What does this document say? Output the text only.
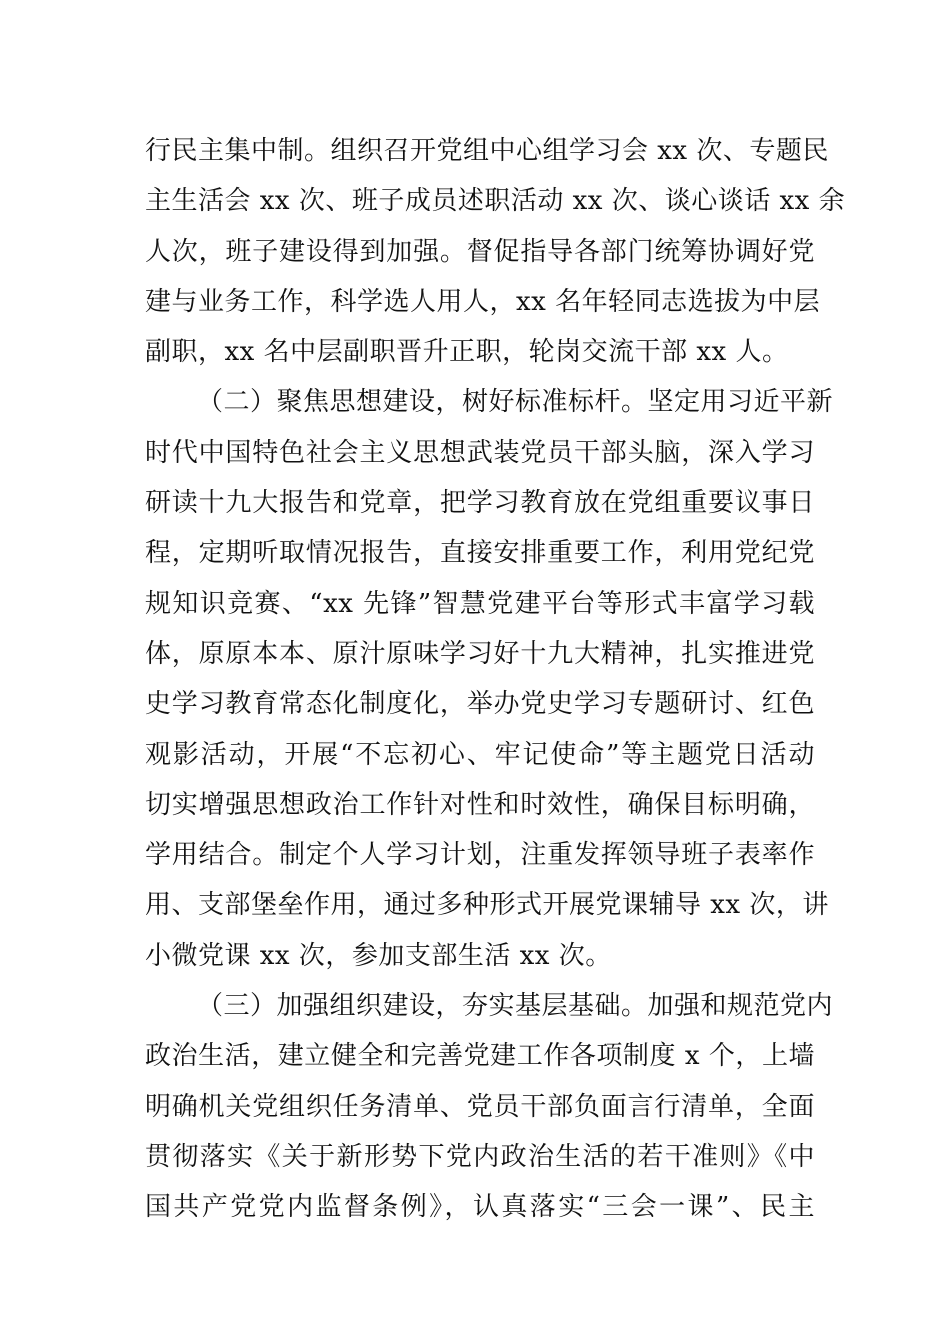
行民主集中制。组织召开党组中心组学习会 xx 次、专题民
主生活会 xx 次、班子成员述职活动 xx 次、谈心谈话 xx 余
人次，班子建设得到加强。督促指导各部门统筹协调好党
建与业务工作，科学选人用人，xx 名年轻同志选拔为中层
副职，xx 名中层副职晋升正职，轮岗交流干部 xx 人。
（二）聚焦思想建设，树好标准标杆。坚定用习近平新
时代中国特色社会主义思想武装党员干部头脑，深入学习
研读十九大报告和党章，把学习教育放在党组重要议事日
程，定期听取情况报告，直接安排重要工作，利用党纪党
规知识竞赛、“xx 先锋”智慧党建平台等形式丰富学习载
体，原原本本、原汁原味学习好十九大精神，扎实推进党
史学习教育常态化制度化，举办党史学习专题研讨、红色
观影活动，开展“不忘初心、牢记使命”等主题党日活动
切实增强思想政治工作针对性和时效性，确保目标明确，
学用结合。制定个人学习计划，注重发挥领导班子表率作
用、支部堡垒作用，通过多种形式开展党课辅导 xx 次，讲
小微党课 xx 次，参加支部生活 xx 次。
（三）加强组织建设，夯实基层基础。加强和规范党内
政治生活，建立健全和完善党建工作各项制度 x 个，上墙
明确机关党组织任务清单、党员干部负面言行清单，全面
贯彻落实《关于新形势下党内政治生活的若干准则》《中
国共产党党内监督条例》，认真落实“三会一课”、民主
